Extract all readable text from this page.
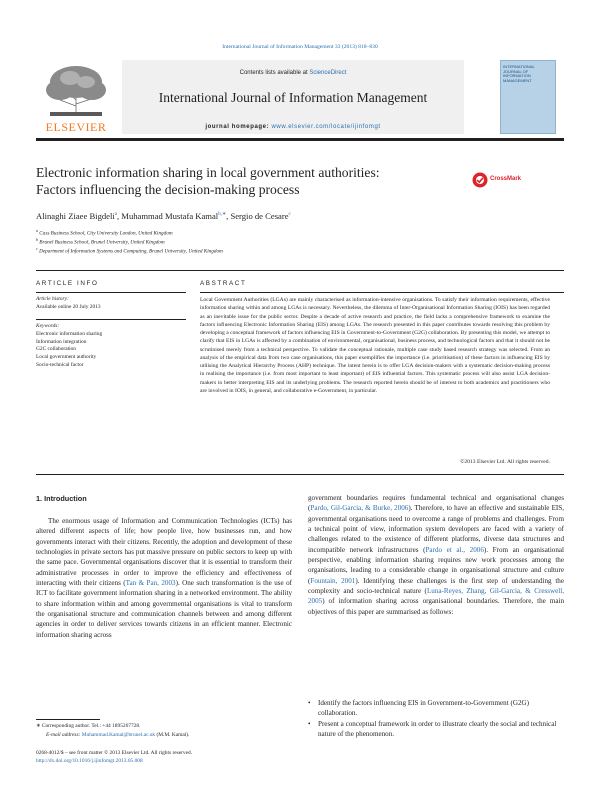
International Journal of Information Management 33 (2013) 818–830
ELSEVIER
Contents lists available at ScienceDirect
International Journal of Information Management
journal homepage: www.elsevier.com/locate/ijinfomgt
INTERNATIONAL JOURNAL OF INFORMATION MANAGEMENT
Electronic information sharing in local government authorities:
Factors influencing the decision-making process
CrossMark
Alinaghi Ziaee Bigdeli$^a$, Muhammad Mustafa Kamal$^{b,∗}$, Sergio de Cesare$^c$
$^a$ Cass Business School, City University London, United Kingdom
$^b$ Brunel Business School, Brunel University, United Kingdom
$^c$ Department of Information Systems and Computing, Brunel University, United Kingdom
ARTICLE INFO
Article history:
Available online 20 July 2013
Keywords:
Electronic information sharing
Information integration
G2C collaboration
Local government authority
Socio-technical factor
ABSTRACT
Local Government Authorities (LGAs) are mainly characterised as information-intensive organisations. To satisfy their information requirements, effective information sharing within and among LGAs is necessary. Nevertheless, the dilemma of Inter-Organisational Information Sharing (IOIS) has been regarded as an inevitable issue for the public sector. Despite a decade of active research and practice, the field lacks a comprehensive framework to examine the factors influencing Electronic Information Sharing (EIS) among LGAs. The research presented in this paper contributes towards resolving this problem by developing a conceptual framework of factors influencing EIS in Government-to-Government (G2G) collaboration. By presenting this model, we attempt to clarify that EIS in LGAs is affected by a combination of environmental, organisational, business process, and technological factors and that it should not be scrutinised merely from a technical perspective. To validate the conceptual rationale, multiple case study based research strategy was selected. From an analysis of the empirical data from two case organisations, this paper exemplifies the importance (i.e. prioritisation) of these factors in influencing EIS by utilising the Analytical Hierarchy Process (AHP) technique. The intent herein is to offer LGA decision-makers with a systematic decision-making process in realising the importance (i.e. from most important to least important) of EIS influential factors. This systematic process will also assist LGA decision-makers in better interpreting EIS and its underlying problems. The research reported herein should be of interest to both academics and practitioners who are involved in IOIS, in general, and collaborative e-Government, in particular.
©2013 Elsevier Ltd. All rights reserved.
1. Introduction

The enormous usage of Information and Communication Technologies (ICTs) has altered different aspects of life; how people live, how businesses run, and how governments interact with their citizens. Recently, the adoption and development of these technologies in private sectors has put massive pressure on public sectors to keep up with the same pace. Governmental organisations discover that it is essential to transform their administrative processes in order to improve the efficiency and effectiveness of interacting with their citizens (Tan & Pan, 2003). One such transformation is the use of ICT to facilitate government information sharing in a networked environment. The ability to share information within and among governmental organisations is vital to transform the organisational structure and communication channels between and among different agencies in order to deliver services towards citizens in an efficient manner. Electronic information sharing across

government boundaries requires fundamental technical and organisational changes (Pardo, Gil-Garcia, & Burke, 2006). Therefore, to have an effective and sustainable EIS, governmental organisations need to overcome a range of problems and challenges. From a technical point of view, information system developers are faced with a variety of challenges related to the existence of different platforms, diverse data structures and incompatible network infrastructures (Pardo et al., 2006). From an organisational perspective, enabling information sharing requires new work processes among the organisations, leading to a considerable change in organisational structure and culture (Fountain, 2001). Identifying these challenges is the first step of understanding the complexity and socio-technical nature (Luna-Reyes, Zhang, Gil-Garcia, & Cresswell, 2005) of information sharing across organisational boundaries. Therefore, the main objectives of this paper are summarised as follows:

• Identify the factors influencing EIS in Government-to-Government (G2G) collaboration.
• Present a conceptual framework in order to illustrate clearly the social and technical nature of the phenomenon.
∗ Corresponding author. Tel.: +44 1895267728.
E-mail address: Muhammad.Kamal@brunel.ac.uk (M.M. Kamal).
0268-4012/$ – see front matter © 2013 Elsevier Ltd. All rights reserved.
http://dx.doi.org/10.1016/j.ijinfomgt.2013.05.008
